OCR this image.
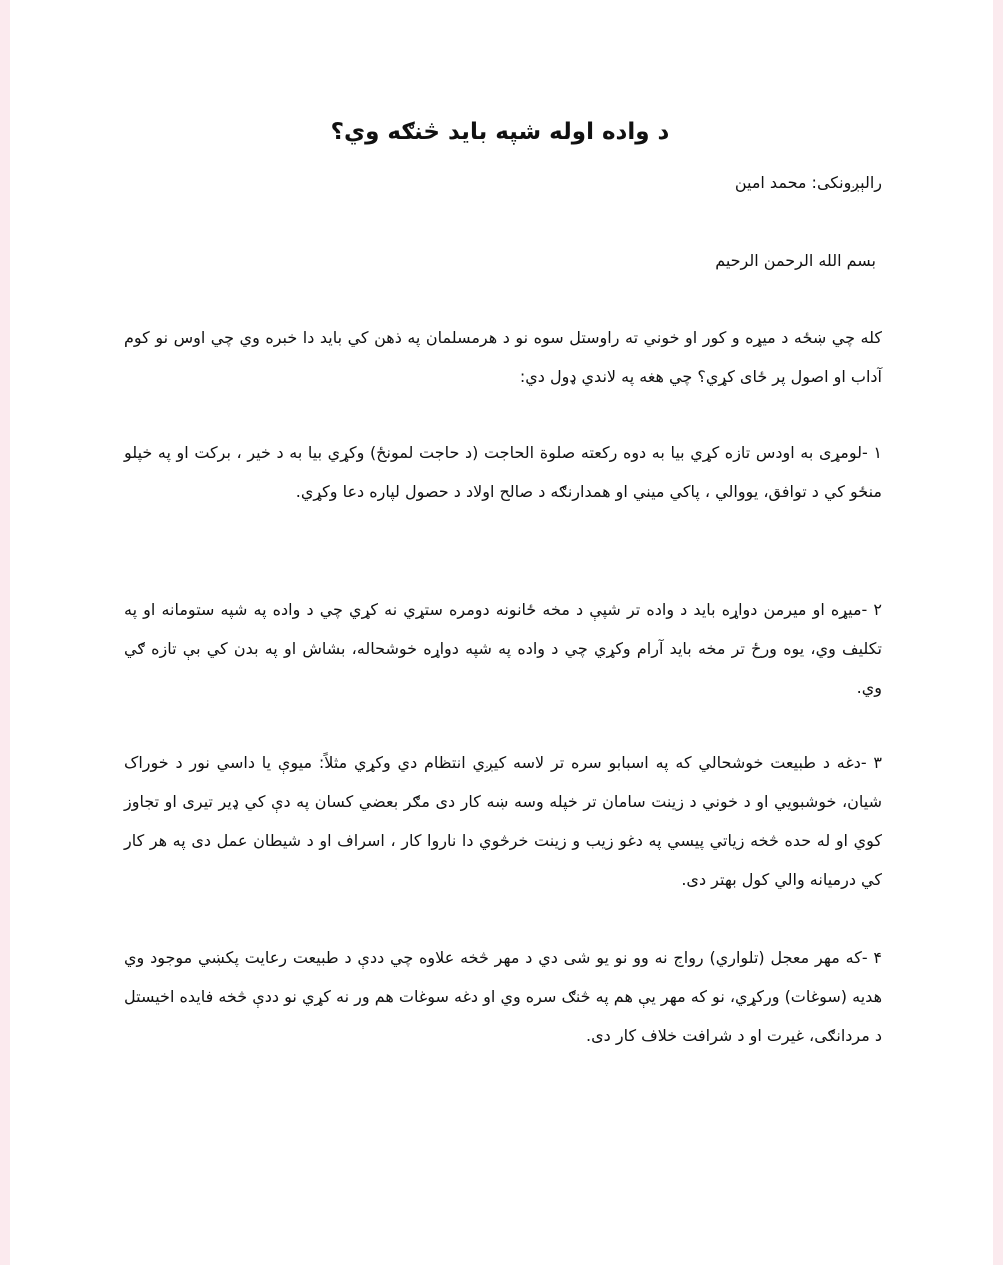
د واده اوله شپه باید څنګه وي؟

رالېږونکی: محمد امين

بسم الله الرحمن الرحيم

کله چي ښځه د میړه و کور او خوني ته راوستل سوه نو د هرمسلمان په ذهن کي باید دا خبره وي چي اوس نو کوم آداب او اصول پر ځای کړي؟ چي هغه په لاندي ډول دي:

۱ -لومړی به اودس تازه کړي بیا به دوه رکعته صلوة الحاجت (د حاجت لمونځ) وکړي بیا به د خیر ، برکت او په خپلو منځو کي د توافق، یووالي ، پاکي میني او همدارنګه د صالح اولاد د حصول لپاره دعا وکړي.

۲ -میړه او میرمن دواړه باید د واده تر شپې د مخه ځانونه دومره ستړي نه کړي چي د واده په شپه ستومانه او په تکلیف وي، یوه ورځ تر مخه باید آرام وکړي چي د واده په شپه دواړه خوشحاله، بشاش او په بدن کي بې تازه ګي وي.

۳ -دغه د طبیعت خوشحالي که په اسبابو سره تر لاسه کیږي انتظام دي وکړي مثلاً: میوې یا داسي نور د خوراک شیان، خوشبویي او د خوني د زینت سامان تر خپله وسه ښه کار دی مګر بعضي کسان په دې کي ډیر تیری او تجاوز کوي او له حده څخه زیاتي پیسي په دغو زیب و زینت خرڅوي دا ناروا کار ، اسراف او د شیطان عمل دی په هر کار کي درمیانه والي کول بهتر دی.

۴ -که مهر معجل (تلواري) رواج نه وو نو یو شی دي د مهر څخه علاوه چي ددې د طبیعت رعایت پکښي موجود وي هدیه (سوغات) ورکړي، نو که مهر یې هم په څنګ سره وي او دغه سوغات هم ور نه کړي نو ددې څخه فایده اخیستل د مردانګی، غیرت او د شرافت خلاف کار دی.
